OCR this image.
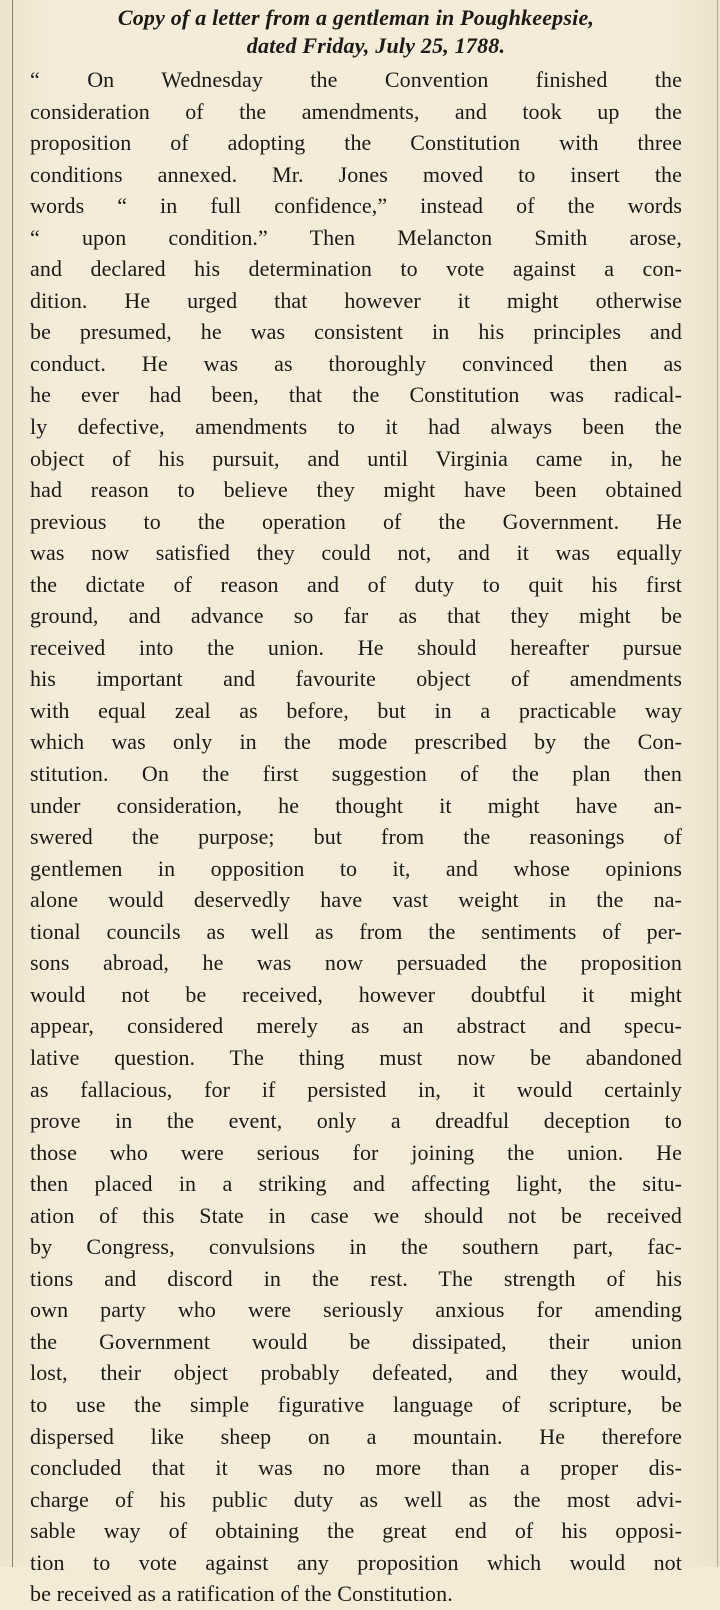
Copy of a letter from a gentleman in Poughkeepsie,
dated Friday, July 25, 1788.
“ On Wednesday the Convention finished the
consideration of the amendments, and took up the
proposition of adopting the Constitution with three
conditions annexed. Mr. Jones moved to insert the
words “ in full confidence,” instead of the words
“ upon condition.” Then Melancton Smith arose,
and declared his determination to vote against a con-
dition. He urged that however it might otherwise
be presumed, he was consistent in his principles and
conduct. He was as thoroughly convinced then as
he ever had been, that the Constitution was radical-
ly defective, amendments to it had always been the
object of his pursuit, and until Virginia came in, he
had reason to believe they might have been obtained
previous to the operation of the Government. He
was now satisfied they could not, and it was equally
the dictate of reason and of duty to quit his first
ground, and advance so far as that they might be
received into the union. He should hereafter pursue
his important and favourite object of amendments
with equal zeal as before, but in a practicable way
which was only in the mode prescribed by the Con-
stitution. On the first suggestion of the plan then
under consideration, he thought it might have an-
swered the purpose; but from the reasonings of
gentlemen in opposition to it, and whose opinions
alone would deservedly have vast weight in the na-
tional councils as well as from the sentiments of per-
sons abroad, he was now persuaded the proposition
would not be received, however doubtful it might
appear, considered merely as an abstract and specu-
lative question. The thing must now be abandoned
as fallacious, for if persisted in, it would certainly
prove in the event, only a dreadful deception to
those who were serious for joining the union. He
then placed in a striking and affecting light, the situ-
ation of this State in case we should not be received
by Congress, convulsions in the southern part, fac-
tions and discord in the rest. The strength of his
own party who were seriously anxious for amending
the Government would be dissipated, their union
lost, their object probably defeated, and they would,
to use the simple figurative language of scripture, be
dispersed like sheep on a mountain. He therefore
concluded that it was no more than a proper dis-
charge of his public duty as well as the most advi-
sable way of obtaining the great end of his opposi-
tion to vote against any proposition which would not
be received as a ratification of the Constitution.
